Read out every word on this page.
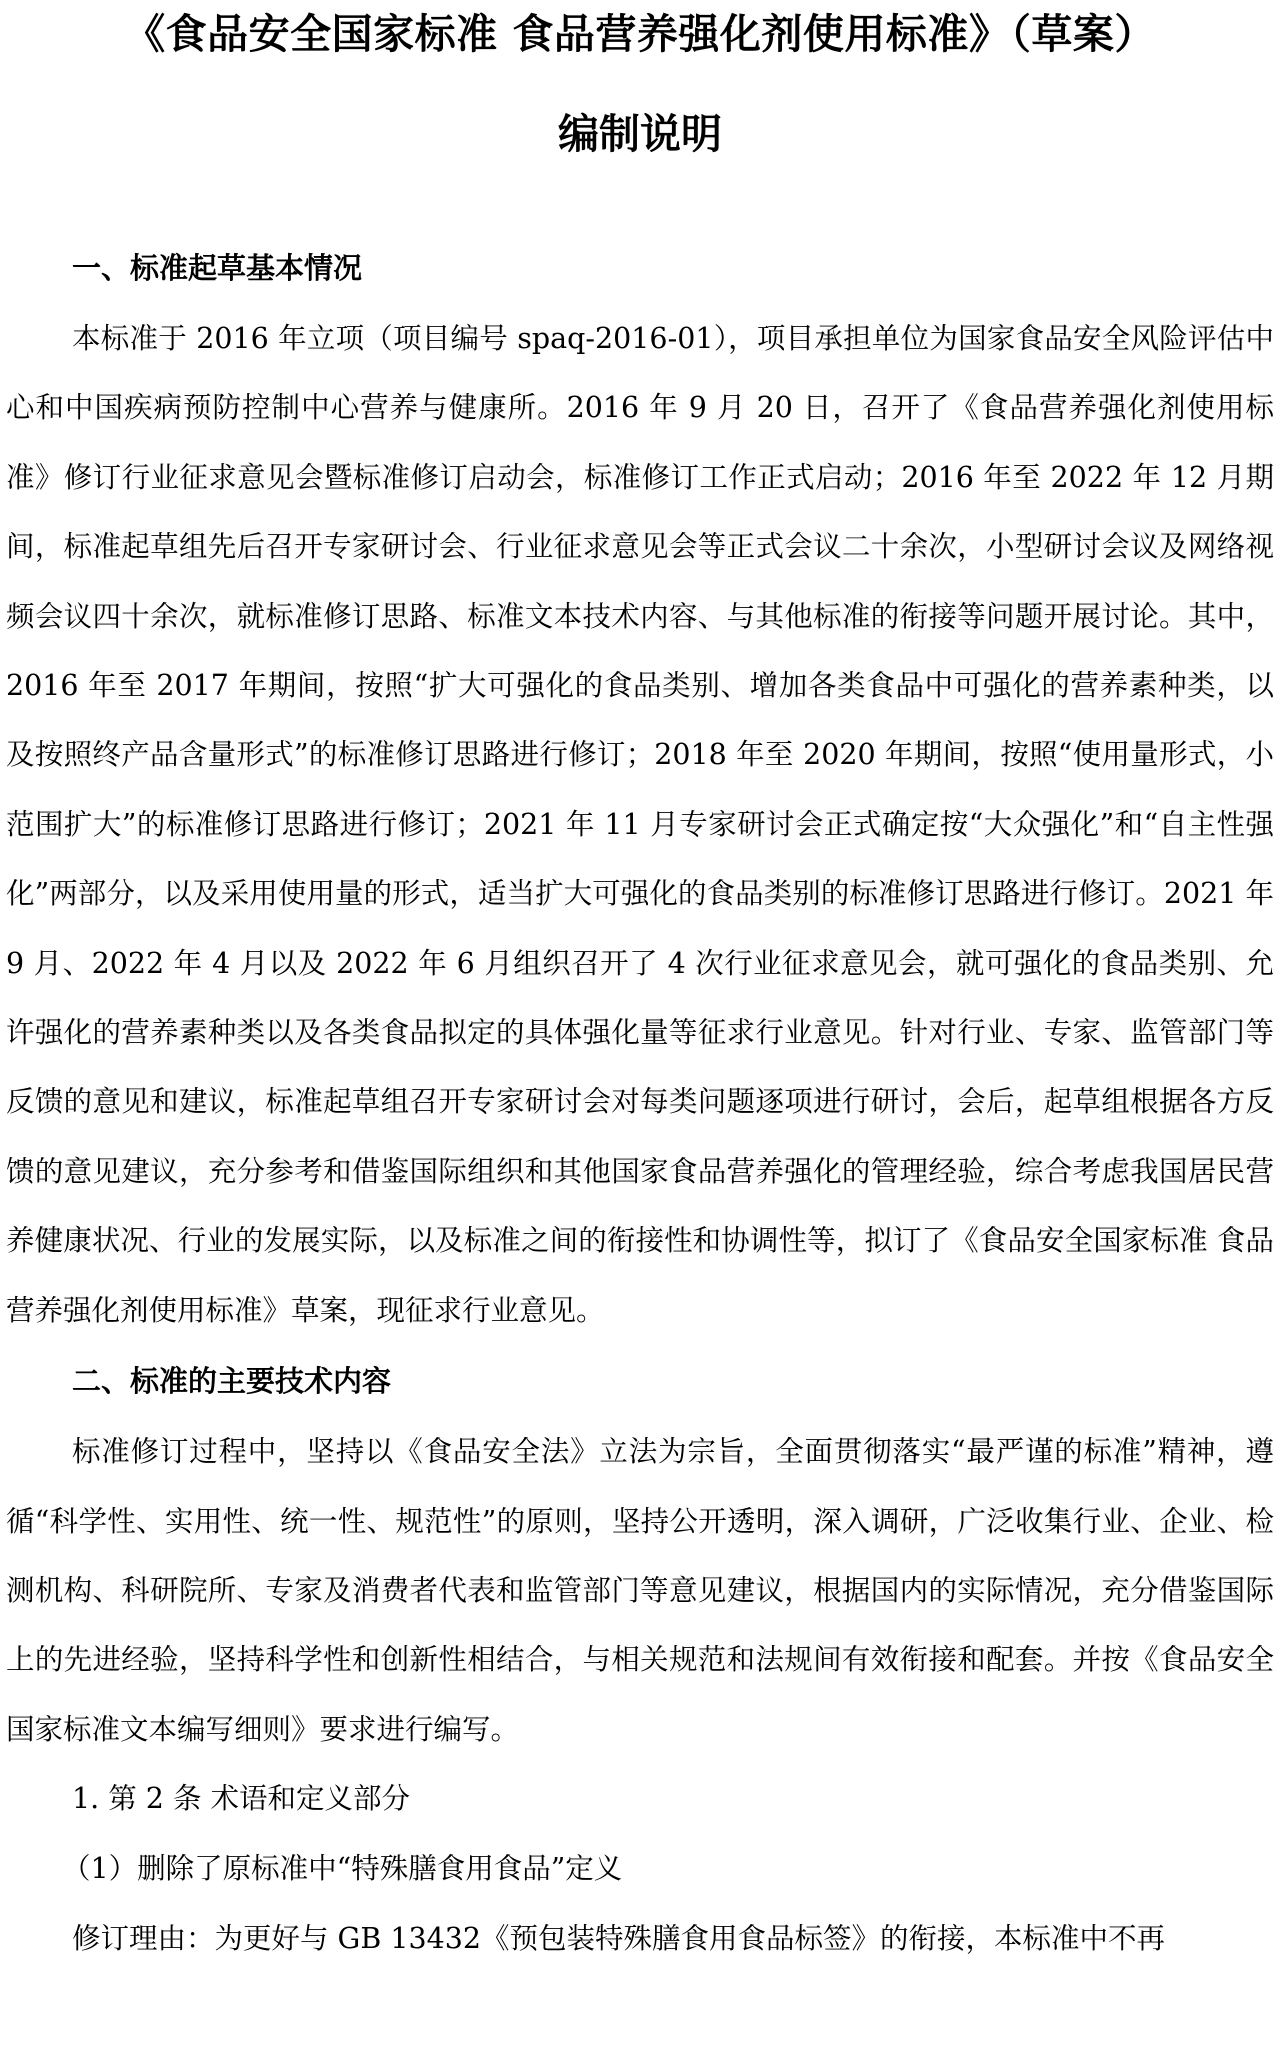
《食品安全国家标准 食品营养强化剂使用标准》（草案）
编制说明
一、标准起草基本情况

本标准于 2016 年立项（项目编号 spaq-2016-01），项目承担单位为国家食品安全风险评估中心和中国疾病预防控制中心营养与健康所。2016 年 9 月 20 日，召开了《食品营养强化剂使用标准》修订行业征求意见会暨标准修订启动会，标准修订工作正式启动；2016 年至 2022 年 12 月期间，标准起草组先后召开专家研讨会、行业征求意见会等正式会议二十余次，小型研讨会议及网络视频会议四十余次，就标准修订思路、标准文本技术内容、与其他标准的衔接等问题开展讨论。其中，2016 年至 2017 年期间，按照“扩大可强化的食品类别、增加各类食品中可强化的营养素种类，以及按照终产品含量形式”的标准修订思路进行修订；2018 年至 2020 年期间，按照“使用量形式，小范围扩大”的标准修订思路进行修订；2021 年 11 月专家研讨会正式确定按“大众强化”和“自主性强化”两部分，以及采用使用量的形式，适当扩大可强化的食品类别的标准修订思路进行修订。2021 年 9 月、2022 年 4 月以及 2022 年 6 月组织召开了 4 次行业征求意见会，就可强化的食品类别、允许强化的营养素种类以及各类食品拟定的具体强化量等征求行业意见。针对行业、专家、监管部门等反馈的意见和建议，标准起草组召开专家研讨会对每类问题逐项进行研讨，会后，起草组根据各方反馈的意见建议，充分参考和借鉴国际组织和其他国家食品营养强化的管理经验，综合考虑我国居民营养健康状况、行业的发展实际，以及标准之间的衔接性和协调性等，拟订了《食品安全国家标准 食品营养强化剂使用标准》草案，现征求行业意见。

二、标准的主要技术内容

标准修订过程中，坚持以《食品安全法》立法为宗旨，全面贯彻落实“最严谨的标准”精神，遵循“科学性、实用性、统一性、规范性”的原则，坚持公开透明，深入调研，广泛收集行业、企业、检测机构、科研院所、专家及消费者代表和监管部门等意见建议，根据国内的实际情况，充分借鉴国际上的先进经验，坚持科学性和创新性相结合，与相关规范和法规间有效衔接和配套。并按《食品安全国家标准文本编写细则》要求进行编写。

1. 第 2 条 术语和定义部分

（1）删除了原标准中“特殊膳食用食品”定义

修订理由：为更好与 GB 13432《预包装特殊膳食用食品标签》的衔接，本标准中不再
